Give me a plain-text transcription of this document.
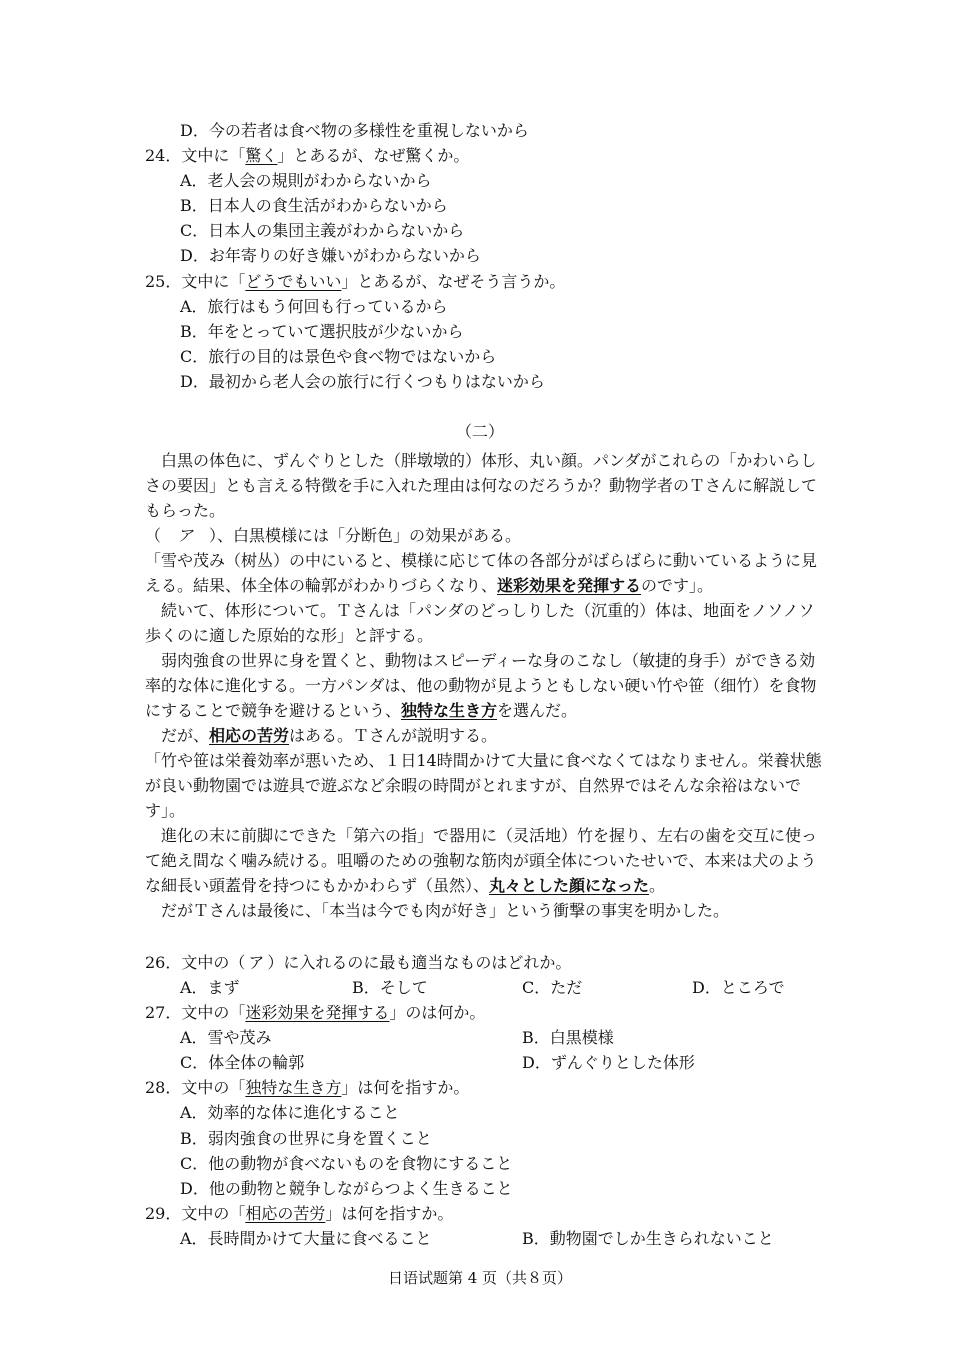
D．今の若者は食べ物の多様性を重視しないから
24．文中に「驚く」とあるが、なぜ驚くか。
A．老人会の規則がわからないから
B．日本人の食生活がわからないから
C．日本人の集団主義がわからないから
D．お年寄りの好き嫌いがわからないから
25．文中に「どうでもいい」とあるが、なぜそう言うか。
A．旅行はもう何回も行っているから
B．年をとっていて選択肢が少ないから
C．旅行の目的は景色や食べ物ではないから
D．最初から老人会の旅行に行くつもりはないから
（二）
白黒の体色に、ずんぐりとした（胖墩墩的）体形、丸い顔。パンダがこれらの「かわいらしさの要因」とも言える特徴を手に入れた理由は何なのだろうか？動物学者のＴさんに解説してもらった。
（　ア　）、白黒模様には「分断色」の効果がある。
「雪や茂み（树丛）の中にいると、模様に応じて体の各部分がばらばらに動いているように見える。結果、体全体の輪郭がわかりづらくなり、迷彩効果を発揮するのです」。
続いて、体形について。Ｔさんは「パンダのどっしりした（沉重的）体は、地面をノソノソ歩くのに適した原始的な形」と評する。
弱肉強食の世界に身を置くと、動物はスピーディーな身のこなし（敏捷的身手）ができる効率的な体に進化する。一方パンダは、他の動物が見ようともしない硬い竹や笹（细竹）を食物にすることで競争を避けるという、独特な生き方を選んだ。
だが、相応の苦労はある。Ｔさんが説明する。
「竹や笹は栄養効率が悪いため、１日14時間かけて大量に食べなくてはなりません。栄養状態が良い動物園では遊具で遊ぶなど余暇の時間がとれますが、自然界ではそんな余裕はないです」。
進化の末に前脚にできた「第六の指」で器用に（灵活地）竹を握り、左右の歯を交互に使って絶え間なく噛み続ける。咀嚼のための強靭な筋肉が頭全体についたせいで、本来は犬のような細長い頭蓋骨を持つにもかかわらず（虽然）、丸々とした顔になった。
だがＴさんは最後に、「本当は今でも肉が好き」という衝撃の事実を明かした。
26．文中の（ ア ）に入れるのに最も適当なものはどれか。
A．まず	B．そして	C．ただ	D．ところで
27．文中の「迷彩効果を発揮する」のは何か。
A．雪や茂み	B．白黒模様
C．体全体の輪郭	D．ずんぐりとした体形
28．文中の「独特な生き方」は何を指すか。
A．効率的な体に進化すること
B．弱肉強食の世界に身を置くこと
C．他の動物が食べないものを食物にすること
D．他の動物と競争しながらつよく生きること
29．文中の「相応の苦労」は何を指すか。
A．長時間かけて大量に食べること	B．動物園でしか生きられないこと
日语试题第 4 页（共８页）
